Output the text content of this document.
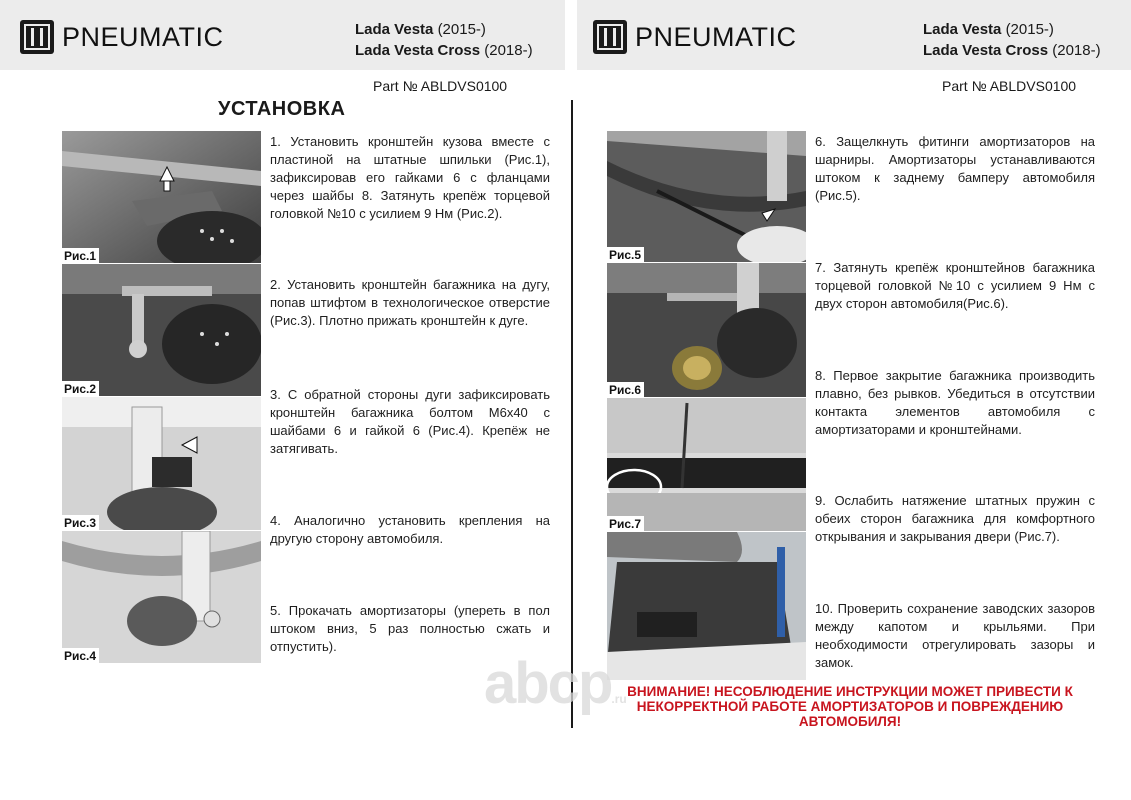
PNEUMATIC	Lada Vesta (2015-)
Lada Vesta Cross (2018-)	PNEUMATIC	Lada Vesta (2015-)
Lada Vesta Cross (2018-)
Part № ABLDVS0100	Part № ABLDVS0100
УСТАНОВКА
Рис.1
Рис.2
Рис.3
Рис.4
Рис.5
Рис.6
Рис.7
1. Установить кронштейн кузова вместе с пластиной на штатные шпильки (Рис.1), зафиксировав его гайками 6 с фланцами через шайбы 8. Затянуть крепёж торцевой головкой №10 с усилием 9 Нм (Рис.2).
2. Установить кронштейн багажника на дугу, попав штифтом в технологическое отверстие (Рис.3). Плотно прижать кронштейн к дуге.
3. С обратной стороны дуги зафиксировать кронштейн багажника болтом М6х40 с шайбами 6 и гайкой 6 (Рис.4). Крепёж не затягивать.
4. Аналогично установить крепления на другую сторону автомобиля.
5. Прокачать амортизаторы (упереть в пол штоком вниз, 5 раз полностью сжать и отпустить).
6. Защелкнуть фитинги амортизаторов на шарниры. Амортизаторы устанавливаются штоком к заднему бамперу автомобиля (Рис.5).
7. Затянуть крепёж кронштейнов багажника торцевой головкой №10 с усилием 9 Нм с двух сторон автомобиля(Рис.6).
8. Первое закрытие багажника производить плавно, без рывков. Убедиться в отсутствии контакта элементов автомобиля с амортизаторами и кронштейнами.
9. Ослабить натяжение штатных пружин с обеих сторон багажника для комфортного открывания и закрывания двери (Рис.7).
10. Проверить сохранение заводских зазоров между капотом и крыльями. При необходимости отрегулировать зазоры и замок.
abcp.ru ВНИМАНИЕ! НЕСОБЛЮДЕНИЕ ИНСТРУКЦИИ МОЖЕТ ПРИВЕСТИ К
НЕКОРРЕКТНОЙ РАБОТЕ АМОРТИЗАТОРОВ И ПОВРЕЖДЕНИЮ
АВТОМОБИЛЯ!
